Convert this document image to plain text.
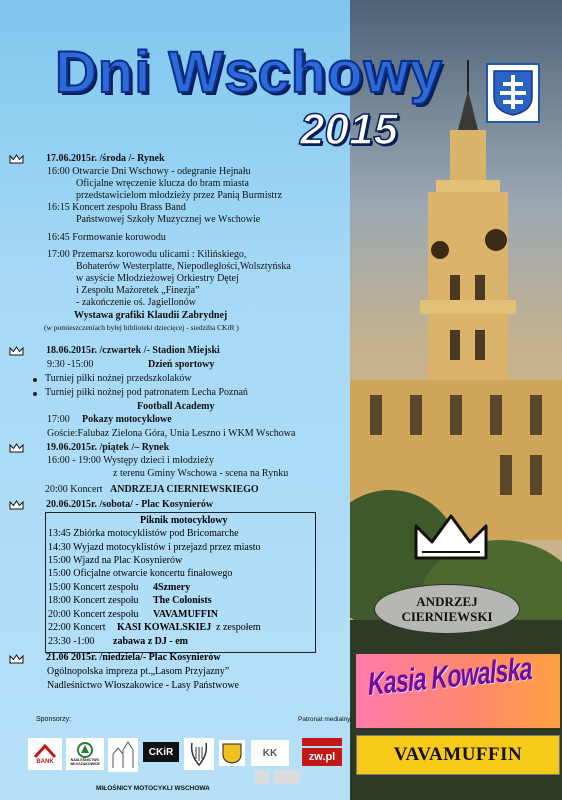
Dni Wschowy
2015
17.06.2015r. /środa /- Rynek
16:00 Otwarcie Dni Wschowy - odegranie Hejnału
Oficjalne wręczenie klucza do bram miasta
przedstawicielom młodzieży przez Panią Burmistrz
16:15 Koncert zespołu Brass Band
Państwowej Szkoły Muzycznej we Wschowie
16:45 Formowanie korowodu
17:00 Przemarsz korowodu ulicami : Kilińskiego,
Bohaterów Westerplatte, Niepodległości,Wolsztyńska
w asyście Młodzieżowej Orkiestry Dętej
i Zespołu Mażoretek „Finezja”
- zakończenie oś. Jagiellonów
Wystawa grafiki Klaudii Zabrydnej
(w pomieszczeniach byłej biblioteki dziecięcej - siedziba CKiR )
18.06.2015r. /czwartek /- Stadion Miejski
9:30 -15:00	Dzień sportowy
Turniej piłki nożnej przedszkolaków
Turniej piłki nożnej pod patronatem Lecha Poznań
Football Academy
17:00 Pokazy motocyklowe
Goście:Falubaz Zielona Góra, Unia Leszno i WKM Wschowa
19.06.2015r. /piątek /– Rynek
16:00 - 19:00 Występy dzieci i młodzieży
z terenu Gminy Wschowa - scena na Rynku
20:00 Koncert ANDRZEJA CIERNIEWSKIEGO
20.06.2015r. /sobota/ - Plac Kosynierów
Piknik motocyklowy
13:45 Zbiórka motocyklistów pod Bricomarche
14:30 Wyjazd motocyklistów i przejazd przez miasto
15:00 Wjazd na Plac Kosynierów
15:00 Oficjalne otwarcie koncertu finałowego
15:00 Koncert zespołu 4Szmery
18:00 Koncert zespołu The Colonists
20:00 Koncert zespołu VAVAMUFFIN
22:00 Koncert KASI KOWALSKIEJ z zespołem
23:30 -1:00 zabawa z DJ - em
21.06 2015r. /niedziela/- Plac Kosynierów
Ogólnopolska impreza pt.„Lasom Przyjazny”
Nadleśnictwo Włoszakowice - Lasy Państwowe
ANDRZEJ
CIERNIEWSKI
Kasia Kowalska
VAVAMUFFIN
Sponsorzy:	Patronat medialny:
BANK	NADLEŚNICTWO WŁOSZAKOWICE
CKiR	KK	zw.pl
MIŁOŚNICY MOTOCYKLI WSCHOWA
